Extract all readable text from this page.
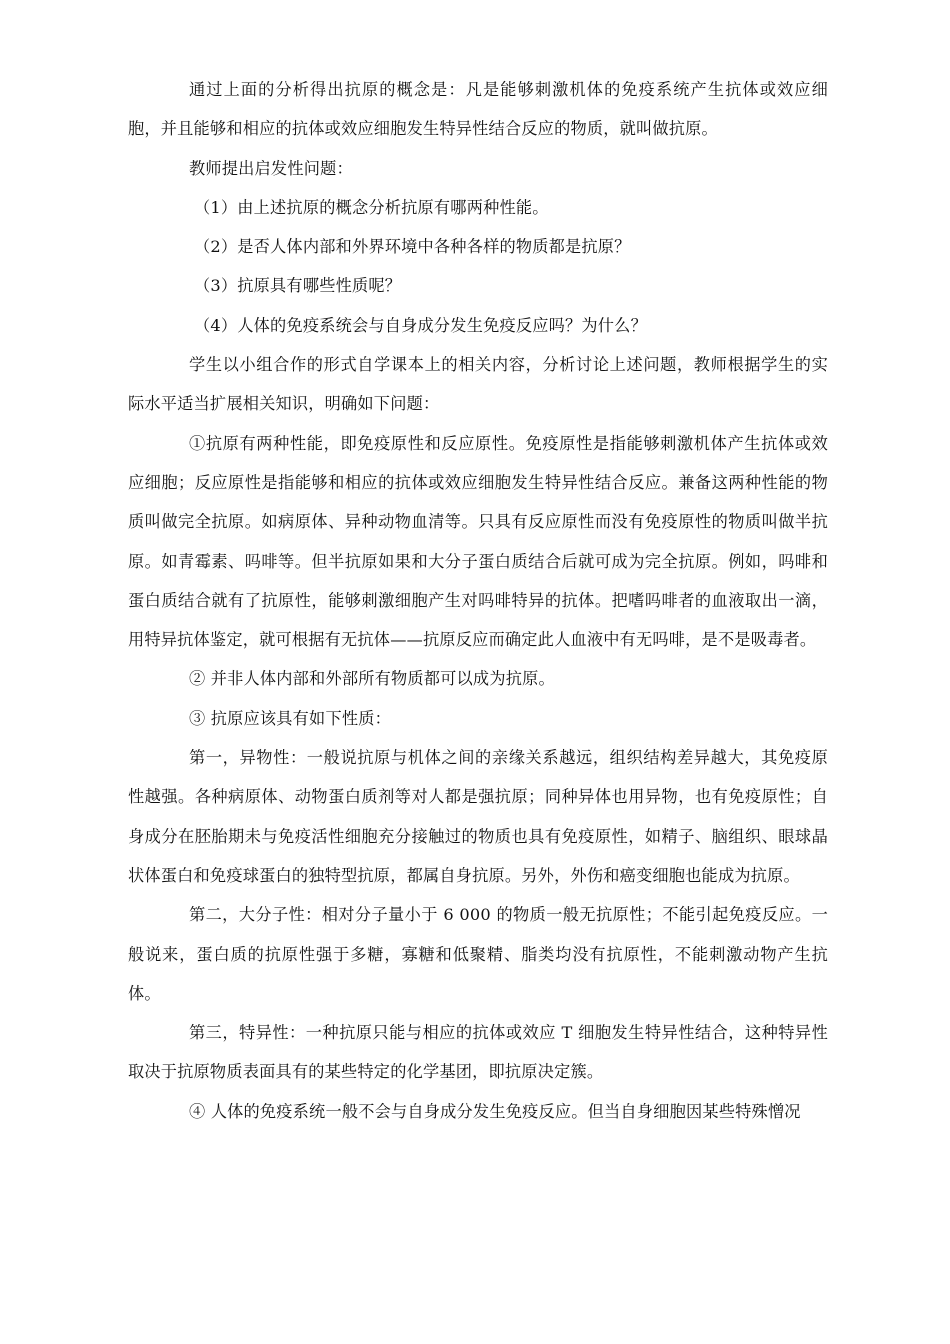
通过上面的分析得出抗原的概念是：凡是能够刺激机体的免疫系统产生抗体或效应细胞，并且能够和相应的抗体或效应细胞发生特异性结合反应的物质，就叫做抗原。

教师提出启发性问题：

（1）由上述抗原的概念分析抗原有哪两种性能。

（2）是否人体内部和外界环境中各种各样的物质都是抗原？

（3）抗原具有哪些性质呢？

（4）人体的免疫系统会与自身成分发生免疫反应吗？为什么？

学生以小组合作的形式自学课本上的相关内容，分析讨论上述问题，教师根据学生的实际水平适当扩展相关知识，明确如下问题：

①抗原有两种性能，即免疫原性和反应原性。免疫原性是指能够刺激机体产生抗体或效应细胞；反应原性是指能够和相应的抗体或效应细胞发生特异性结合反应。兼备这两种性能的物质叫做完全抗原。如病原体、异种动物血清等。只具有反应原性而没有免疫原性的物质叫做半抗原。如青霉素、吗啡等。但半抗原如果和大分子蛋白质结合后就可成为完全抗原。例如，吗啡和蛋白质结合就有了抗原性，能够刺激细胞产生对吗啡特异的抗体。把嗜吗啡者的血液取出一滴，用特异抗体鉴定，就可根据有无抗体——抗原反应而确定此人血液中有无吗啡，是不是吸毒者。

② 并非人体内部和外部所有物质都可以成为抗原。

③ 抗原应该具有如下性质：

第一，异物性：一般说抗原与机体之间的亲缘关系越远，组织结构差异越大，其免疫原性越强。各种病原体、动物蛋白质剂等对人都是强抗原；同种异体也用异物，也有免疫原性；自身成分在胚胎期未与免疫活性细胞充分接触过的物质也具有免疫原性，如精子、脑组织、眼球晶状体蛋白和免疫球蛋白的独特型抗原，都属自身抗原。另外，外伤和癌变细胞也能成为抗原。

第二，大分子性：相对分子量小于 6 000 的物质一般无抗原性；不能引起免疫反应。一般说来，蛋白质的抗原性强于多糖，寡糖和低聚精、脂类均没有抗原性，不能刺激动物产生抗体。

第三，特异性：一种抗原只能与相应的抗体或效应 T 细胞发生特异性结合，这种特异性取决于抗原物质表面具有的某些特定的化学基团，即抗原决定簇。

④ 人体的免疫系统一般不会与自身成分发生免疫反应。但当自身细胞因某些特殊憎况
